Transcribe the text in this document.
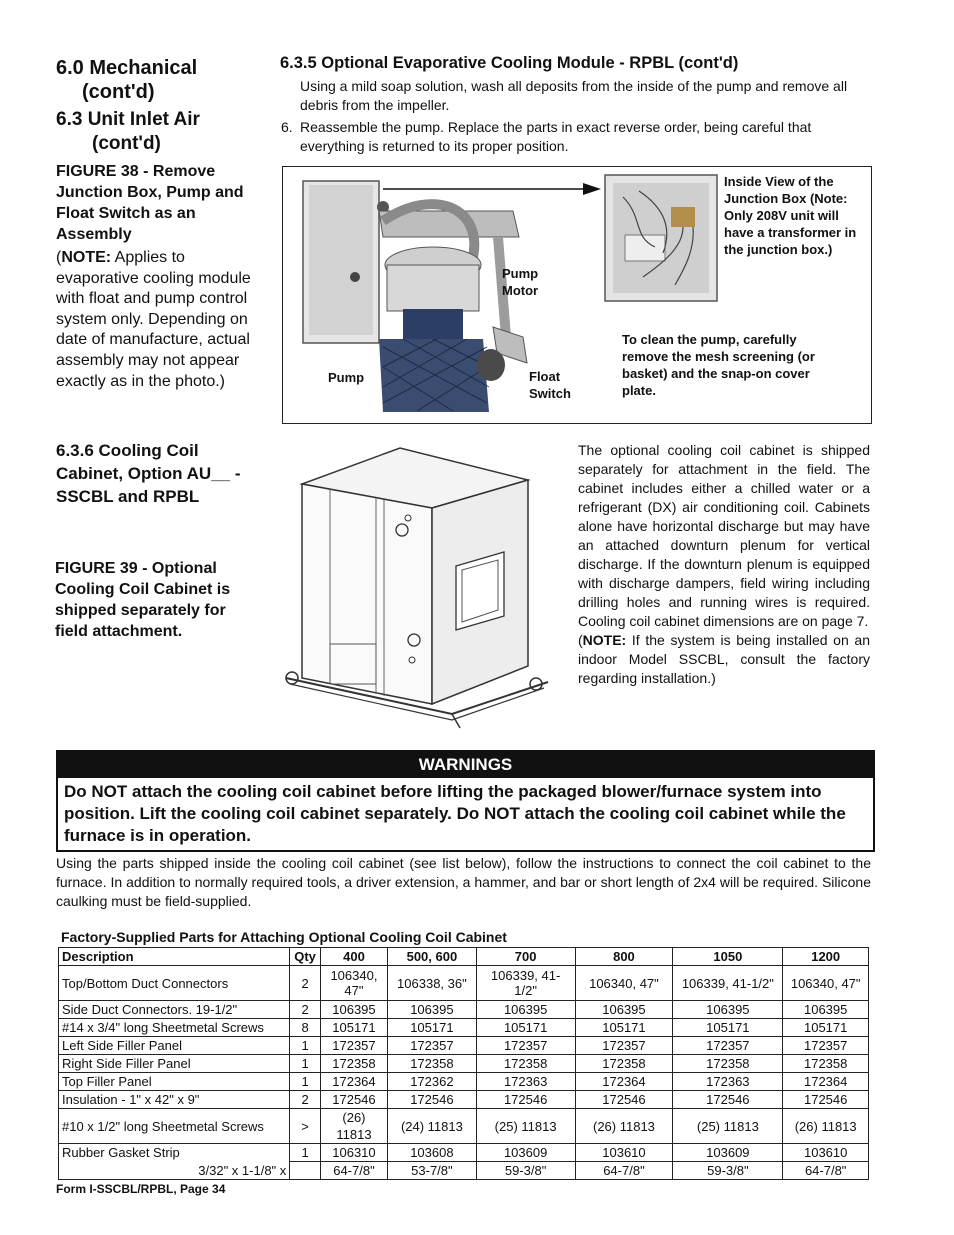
6.0 Mechanical
(cont'd)
6.3 Unit Inlet Air
(cont'd)
FIGURE 38 - Remove Junction Box, Pump and Float Switch as an Assembly
(NOTE: Applies to evaporative cooling module with float and pump control system only. Depending on date of manufacture, actual assembly may not appear exactly as in the photo.)
6.3.5 Optional Evaporative Cooling Module - RPBL (cont'd)
Using a mild soap solution, wash all deposits from the inside of the pump and remove all debris from the impeller.
6. Reassemble the pump. Replace the parts in exact reverse order, being careful that everything is returned to its proper position.
Pump
Motor
Pump	Float
Switch
Inside View of the Junction Box (Note: Only 208V unit will have a transformer in the junction box.)
To clean the pump, carefully remove the mesh screening (or basket) and the snap-on cover plate.
6.3.6 Cooling Coil Cabinet, Option AU__ - SSCBL and RPBL
FIGURE 39 - Optional Cooling Coil Cabinet is shipped separately for field attachment.
The optional cooling coil cabinet is shipped separately for attachment in the field. The cabinet includes either a chilled water or a refrigerant (DX) air conditioning coil. Cabinets alone have horizontal discharge but may have an attached downturn plenum for vertical discharge. If the downturn plenum is equipped with discharge dampers, field wiring including drilling holes and running wires is required. Cooling coil cabinet dimensions are on page 7.
(NOTE: If the system is being installed on an indoor Model SSCBL, consult the factory regarding installation.)
WARNINGS
Do NOT attach the cooling coil cabinet before lifting the packaged blower/furnace system into position. Lift the cooling coil cabinet separately. Do NOT attach the cooling coil cabinet while the furnace is in operation.
Using the parts shipped inside the cooling coil cabinet (see list below), follow the instructions to connect the coil cabinet to the furnace. In addition to normally required tools, a driver extension, a hammer, and bar or short length of 2x4 will be required. Silicone caulking must be field-supplied.
Factory-Supplied Parts for Attaching Optional Cooling Coil Cabinet
Description	Qty	400	500, 600	700	800	1050	1200
Top/Bottom Duct Connectors	2	106340, 47"	106338, 36"	106339, 41-1/2"	106340, 47"	106339, 41-1/2"	106340, 47"
Side Duct Connectors. 19-1/2"	2	106395	106395	106395	106395	106395	106395
#14 x 3/4" long Sheetmetal Screws	8	105171	105171	105171	105171	105171	105171
Left Side Filler Panel	1	172357	172357	172357	172357	172357	172357
Right Side Filler Panel	1	172358	172358	172358	172358	172358	172358
Top Filler Panel	1	172364	172362	172363	172364	172363	172364
Insulation - 1" x 42" x 9"	2	172546	172546	172546	172546	172546	172546
#10 x 1/2" long Sheetmetal Screws	>	(26) 11813	(24) 11813	(25) 11813	(26) 11813	(25) 11813	(26) 11813
Rubber Gasket Strip	1	106310	103608	103609	103610	103609	103610
3/32" x 1-1/8" x		64-7/8"	53-7/8"	59-3/8"	64-7/8"	59-3/8"	64-7/8"
Form I-SSCBL/RPBL, Page 34
